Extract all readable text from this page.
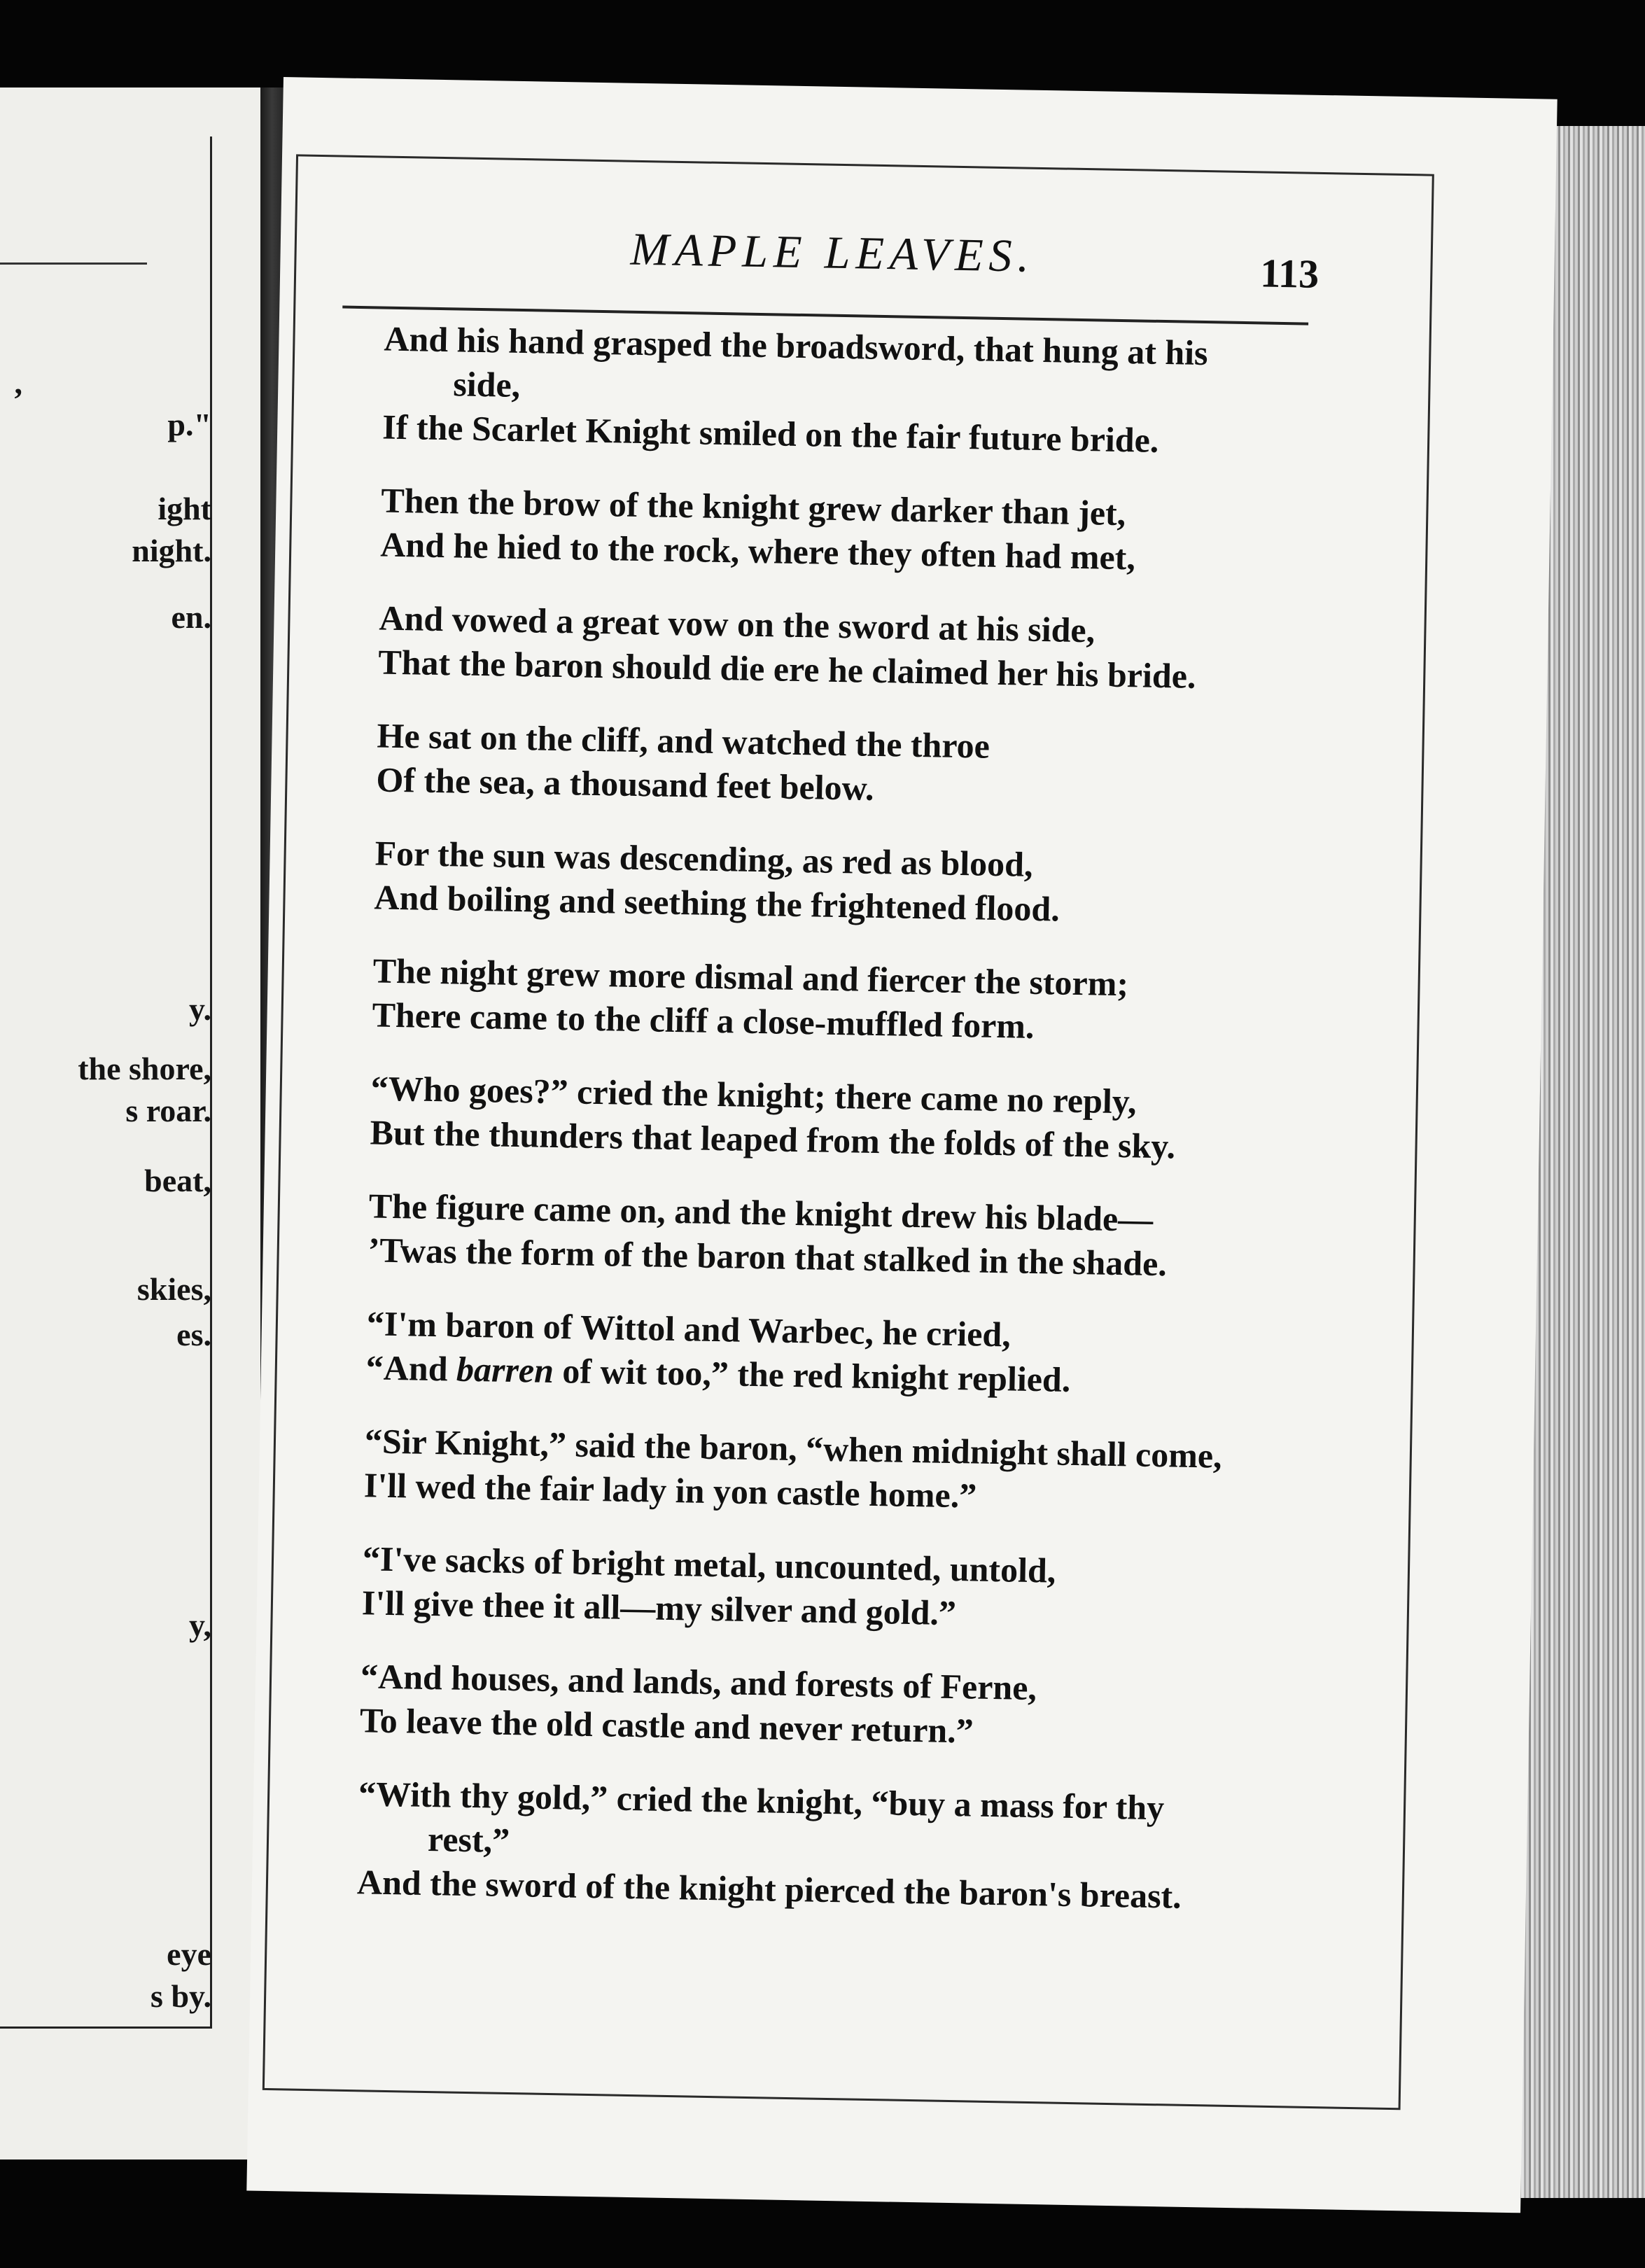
,
p."
ight
night.
en.
y.
the shore,
s roar.
beat,
skies,
es.
y,
eye
s by.
MAPLE LEAVES.	113
And his hand grasped the broadsword, that hung at his
side,
If the Scarlet Knight smiled on the fair future bride.
Then the brow of the knight grew darker than jet,
And he hied to the rock, where they often had met,
And vowed a great vow on the sword at his side,
That the baron should die ere he claimed her his bride.
He sat on the cliff, and watched the throe
Of the sea, a thousand feet below.
For the sun was descending, as red as blood,
And boiling and seething the frightened flood.
The night grew more dismal and fiercer the storm;
There came to the cliff a close-muffled form.
“Who goes?” cried the knight; there came no reply,
But the thunders that leaped from the folds of the sky.
The figure came on, and the knight drew his blade—
’Twas the form of the baron that stalked in the shade.
“I'm baron of Wittol and Warbec, he cried,
“And barren of wit too,” the red knight replied.
“Sir Knight,” said the baron, “when midnight shall come,
I'll wed the fair lady in yon castle home.”
“I've sacks of bright metal, uncounted, untold,
I'll give thee it all—my silver and gold.”
“And houses, and lands, and forests of Ferne,
To leave the old castle and never return.”
“With thy gold,” cried the knight, “buy a mass for thy
rest,”
And the sword of the knight pierced the baron's breast.
